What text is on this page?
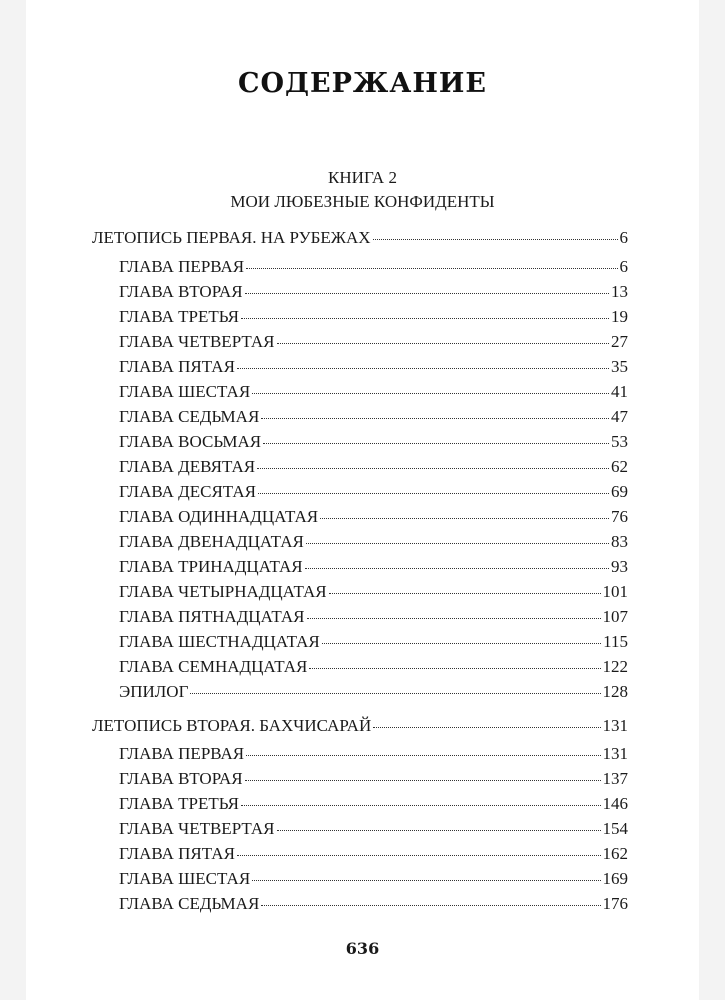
СОДЕРЖАНИЕ
КНИГА 2
МОИ ЛЮБЕЗНЫЕ КОНФИДЕНТЫ
ЛЕТОПИСЬ ПЕРВАЯ. НА РУБЕЖАХ	6
ГЛАВА ПЕРВАЯ	6
ГЛАВА ВТОРАЯ	13
ГЛАВА ТРЕТЬЯ	19
ГЛАВА ЧЕТВЕРТАЯ	27
ГЛАВА ПЯТАЯ	35
ГЛАВА ШЕСТАЯ	41
ГЛАВА СЕДЬМАЯ	47
ГЛАВА ВОСЬМАЯ	53
ГЛАВА ДЕВЯТАЯ	62
ГЛАВА ДЕСЯТАЯ	69
ГЛАВА ОДИННАДЦАТАЯ	76
ГЛАВА ДВЕНАДЦАТАЯ	83
ГЛАВА ТРИНАДЦАТАЯ	93
ГЛАВА ЧЕТЫРНАДЦАТАЯ	101
ГЛАВА ПЯТНАДЦАТАЯ	107
ГЛАВА ШЕСТНАДЦАТАЯ	115
ГЛАВА СЕМНАДЦАТАЯ	122
ЭПИЛОГ	128
ЛЕТОПИСЬ ВТОРАЯ. БАХЧИСАРАЙ	131
ГЛАВА ПЕРВАЯ	131
ГЛАВА ВТОРАЯ	137
ГЛАВА ТРЕТЬЯ	146
ГЛАВА ЧЕТВЕРТАЯ	154
ГЛАВА ПЯТАЯ	162
ГЛАВА ШЕСТАЯ	169
ГЛАВА СЕДЬМАЯ	176
636
